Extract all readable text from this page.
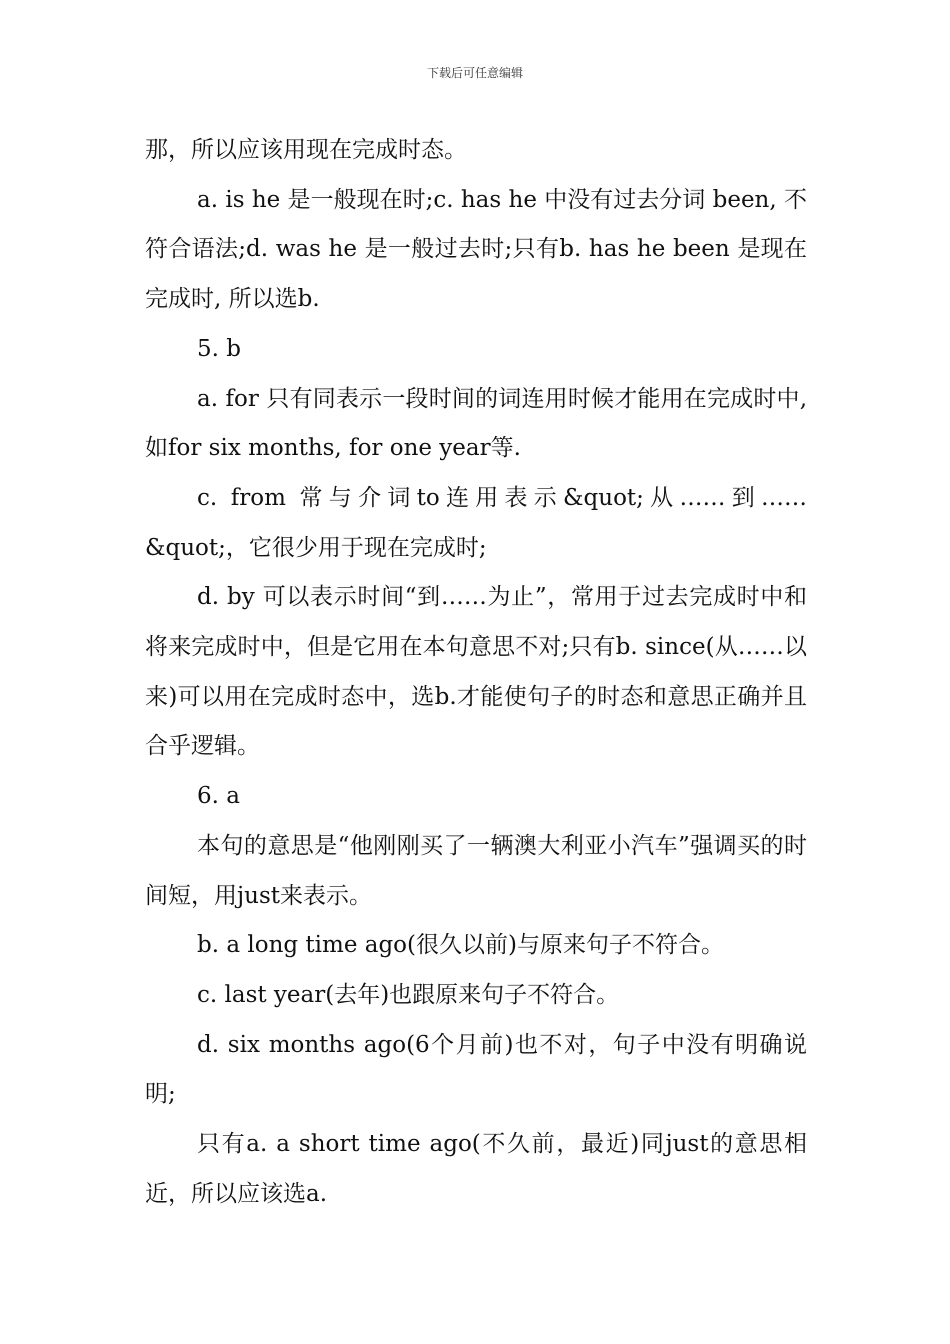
下载后可任意编辑

那，所以应该用现在完成时态。

a. is he 是一般现在时;c. has he 中没有过去分词 been, 不符合语法;d. was he 是一般过去时;只有b. has he been 是现在完成时, 所以选b.

5. b

a. for 只有同表示一段时间的词连用时候才能用在完成时中,如for six months, for one year等.

c. from 常与介词to连用表示&quot;从……到……&quot;，它很少用于现在完成时;

d. by 可以表示时间“到……为止”，常用于过去完成时中和将来完成时中，但是它用在本句意思不对;只有b. since(从……以来)可以用在完成时态中，选b.才能使句子的时态和意思正确并且合乎逻辑。

6. a

本句的意思是“他刚刚买了一辆澳大利亚小汽车”强调买的时间短，用just来表示。

b. a long time ago(很久以前)与原来句子不符合。

c. last year(去年)也跟原来句子不符合。

d. six months ago(6个月前)也不对，句子中没有明确说明;

只有a. a short time ago(不久前，最近)同just的意思相近，所以应该选a.
